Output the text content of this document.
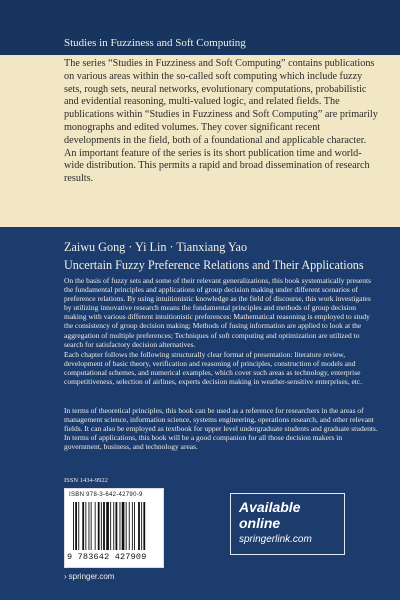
Studies in Fuzziness and Soft Computing

The series “Studies in Fuzziness and Soft Computing” contains publications on various areas within the so-called soft computing which include fuzzy sets, rough sets, neural networks, evolutionary computations, probabilistic and evidential reasoning, multi-valued logic, and related fields. The publications within “Studies in Fuzziness and Soft Computing” are primarily monographs and edited volumes. They cover significant recent developments in the field, both of a foundational and applicable character. An important feature of the series is its short publication time and world-wide distribution. This permits a rapid and broad dissemination of research results.

Zaiwu Gong · Yi Lin · Tianxiang Yao
Uncertain Fuzzy Preference Relations and Their Applications

On the basis of fuzzy sets and some of their relevant generalizations, this book systematically presents the fundamental principles and applications of group decision making under different scenarios of preference relations. By using intuitionistic knowledge as the field of discourse, this work investigates by utilizing innovative research means the fundamental principles and methods of group decision making with various different intuitionistic preferences: Mathematical reasoning is employed to study the consistency of group decision making; Methods of fusing information are applied to look at the aggregation of multiple preferences; Techniques of soft computing and optimization are utilized to search for satisfactory decision alternatives.

Each chapter follows the following structurally clear format of presentation: literature review, development of basic theory, verification and reasoning of principles, construction of models and computational schemes, and numerical examples, which cover such areas as technology, enterprise competitiveness, selection of airlines, experts decision making in weather-sensitive enterprises, etc.

In terms of theoretical principles, this book can be used as a reference for researchers in the areas of management science, information science, systems engineering, operations research, and other relevant fields. It can also be employed as textbook for upper level undergraduate students and graduate students. In terms of applications, this book will be a good companion for all those decision makers in government, business, and technology areas.

ISSN 1434-9922
ISBN 978-3-642-42790-9
9 783642 427909
› springer.com
Available
online
springerlink.com
